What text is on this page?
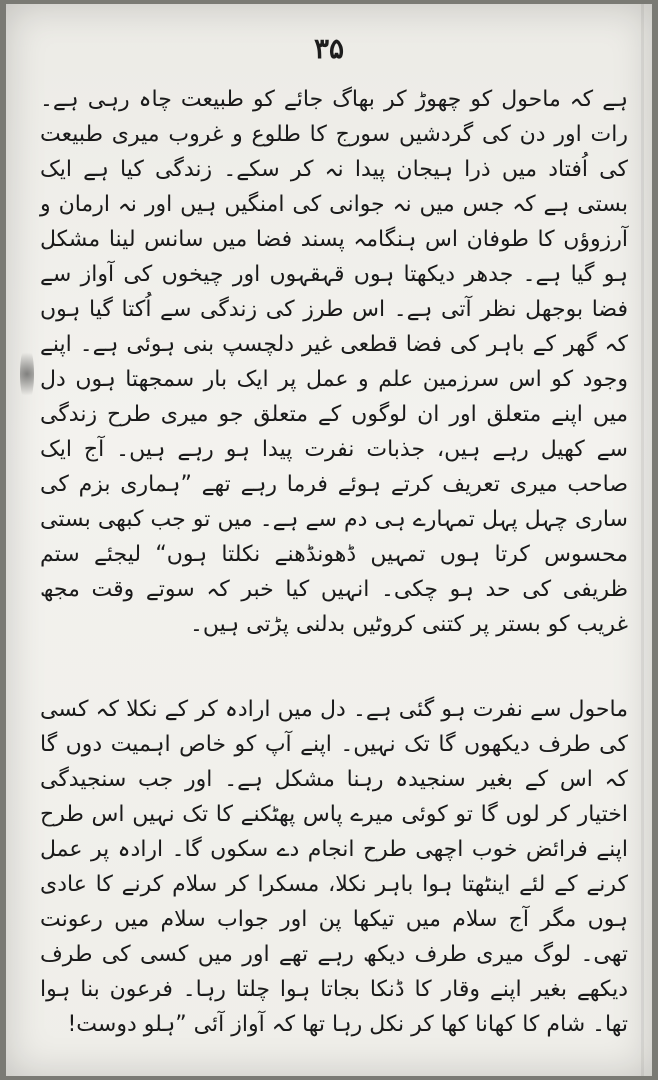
۳۵

ہے کہ ماحول کو چھوڑ کر بھاگ جائے کو طبیعت چاہ رہی ہے۔ رات اور دن کی گردشیں سورج کا طلوع و غروب میری طبیعت کی اُفتاد میں ذرا ہیجان پیدا نہ کر سکے۔ زندگی کیا ہے ایک بستی ہے کہ جس میں نہ جوانی کی امنگیں ہیں اور نہ ارمان و آرزوؤں کا طوفان اس ہنگامہ پسند فضا میں سانس لینا مشکل ہو گیا ہے۔ جدھر دیکھتا ہوں قہقہوں اور چیخوں کی آواز سے فضا بوجھل نظر آتی ہے۔ اس طرز کی زندگی سے اُکتا گیا ہوں کہ گھر کے باہر کی فضا قطعی غیر دلچسپ بنی ہوئی ہے۔ اپنے وجود کو اس سرزمین علم و عمل پر ایک بار سمجھتا ہوں دل میں اپنے متعلق اور ان لوگوں کے متعلق جو میری طرح زندگی سے کھیل رہے ہیں، جذبات نفرت پیدا ہو رہے ہیں۔ آج ایک صاحب میری تعریف کرتے ہوئے فرما رہے تھے ”ہماری بزم کی ساری چہل پہل تمہارے ہی دم سے ہے۔ میں تو جب کبھی بستی محسوس کرتا ہوں تمہیں ڈھونڈھنے نکلتا ہوں“ لیجئے ستم ظریفی کی حد ہو چکی۔ انہیں کیا خبر کہ سوتے وقت مجھ غریب کو بستر پر کتنی کروٹیں بدلنی پڑتی ہیں۔

ماحول سے نفرت ہو گئی ہے۔ دل میں ارادہ کر کے نکلا کہ کسی کی طرف دیکھوں گا تک نہیں۔ اپنے آپ کو خاص اہمیت دوں گا کہ اس کے بغیر سنجیدہ رہنا مشکل ہے۔ اور جب سنجیدگی اختیار کر لوں گا تو کوئی میرے پاس پھٹکنے کا تک نہیں اس طرح اپنے فرائض خوب اچھی طرح انجام دے سکوں گا۔ ارادہ پر عمل کرنے کے لئے اینٹھتا ہوا باہر نکلا، مسکرا کر سلام کرنے کا عادی ہوں مگر آج سلام میں تیکھا پن اور جواب سلام میں رعونت تھی۔ لوگ میری طرف دیکھ رہے تھے اور میں کسی کی طرف دیکھے بغیر اپنے وقار کا ڈنکا بجاتا ہوا چلتا رہا۔ فرعون بنا ہوا تھا۔ شام کا کھانا کھا کر نکل رہا تھا کہ آواز آئی ”ہلو دوست!
